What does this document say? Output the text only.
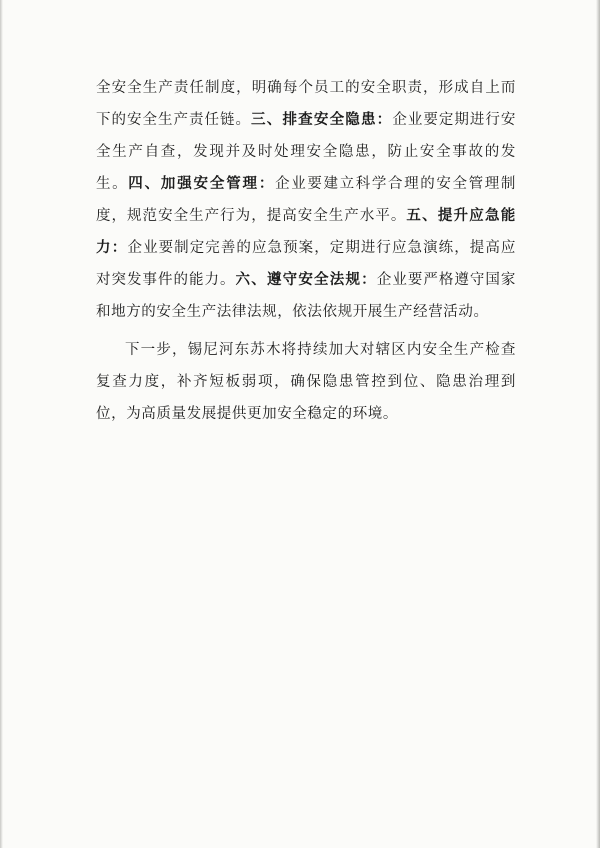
全安全生产责任制度，明确每个员工的安全职责，形成自上而下的安全生产责任链。三、排查安全隐患：企业要定期进行安全生产自查，发现并及时处理安全隐患，防止安全事故的发生。四、加强安全管理：企业要建立科学合理的安全管理制度，规范安全生产行为，提高安全生产水平。五、提升应急能力：企业要制定完善的应急预案，定期进行应急演练，提高应对突发事件的能力。六、遵守安全法规：企业要严格遵守国家和地方的安全生产法律法规，依法依规开展生产经营活动。

下一步，锡尼河东苏木将持续加大对辖区内安全生产检查复查力度，补齐短板弱项，确保隐患管控到位、隐患治理到位，为高质量发展提供更加安全稳定的环境。
